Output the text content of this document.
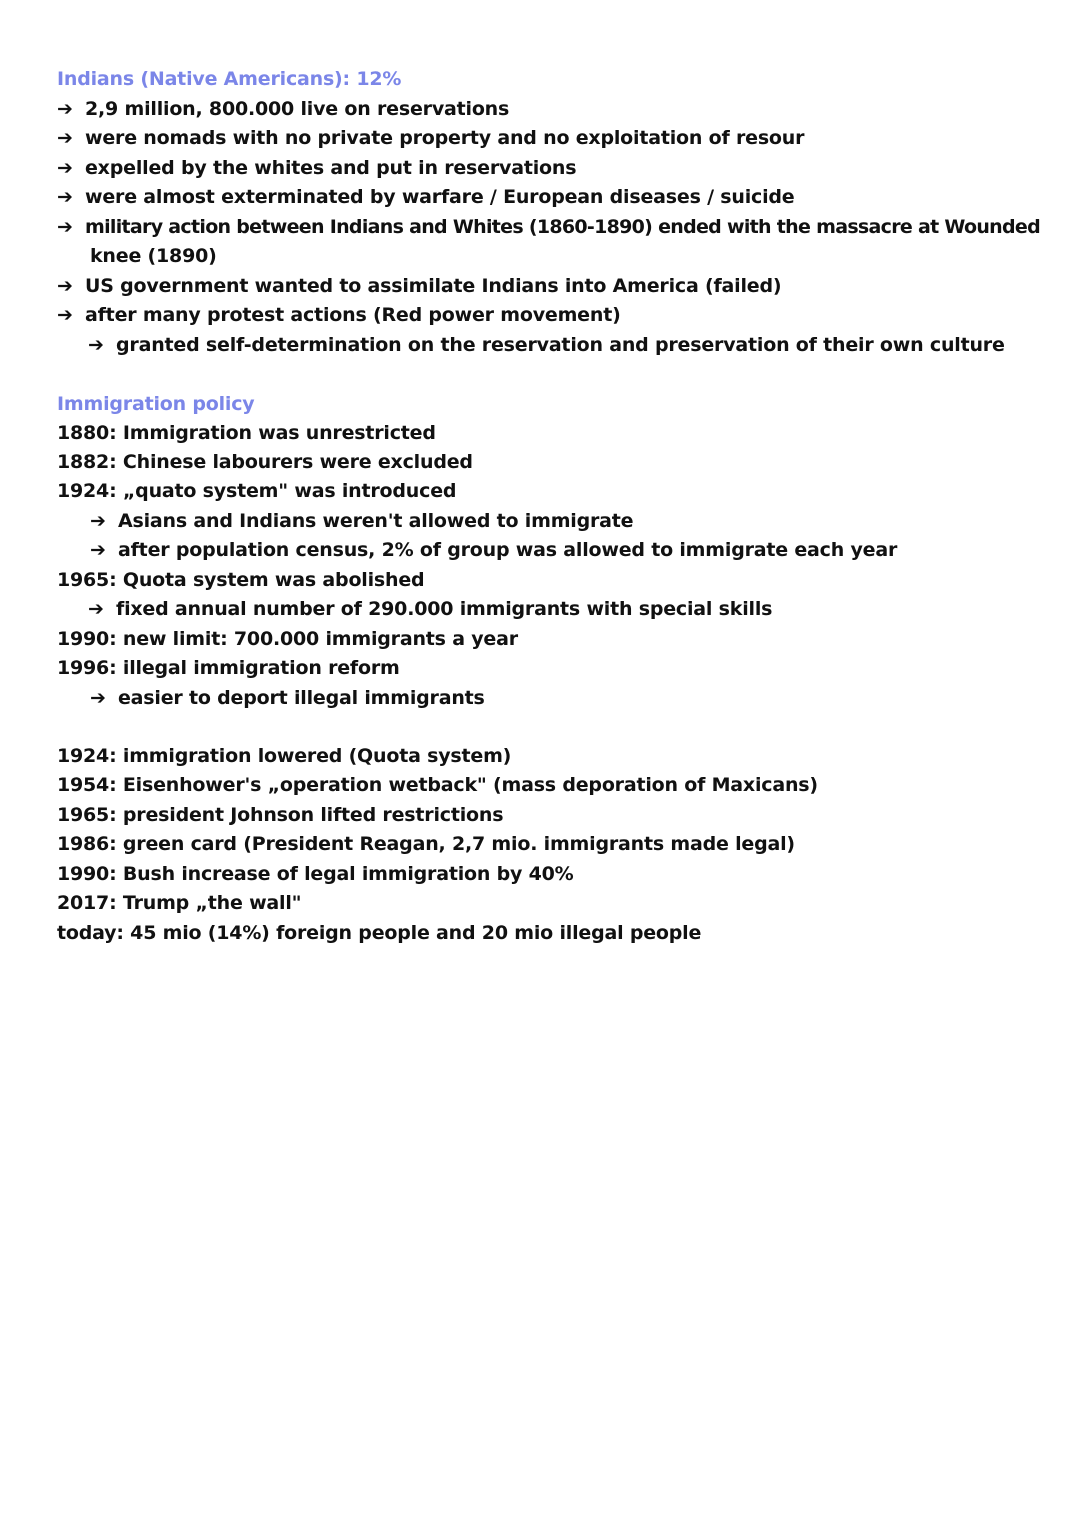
Indians (Native Americans): 12%
➔ 2,9 million, 800.000 live on reservations
➔ were nomads with no private property and no exploitation of resour
➔ expelled by the whites and put in reservations
➔ were almost exterminated by warfare / European diseases / suicide
➔ military action between Indians and Whites (1860-1890) ended with the massacre at Wounded
knee (1890)
➔ US government wanted to assimilate Indians into America (failed)
➔ after many protest actions (Red power movement)
➔ granted self-determination on the reservation and preservation of their own culture
Immigration policy
1880: Immigration was unrestricted
1882: Chinese labourers were excluded
1924: „quato system" was introduced
➔ Asians and Indians weren't allowed to immigrate
➔ after population census, 2% of group was allowed to immigrate each year
1965: Quota system was abolished
➔ fixed annual number of 290.000 immigrants with special skills
1990: new limit: 700.000 immigrants a year
1996: illegal immigration reform
➔ easier to deport illegal immigrants
1924: immigration lowered (Quota system)
1954: Eisenhower's „operation wetback" (mass deporation of Maxicans)
1965: president Johnson lifted restrictions
1986: green card (President Reagan, 2,7 mio. immigrants made legal)
1990: Bush increase of legal immigration by 40%
2017: Trump „the wall"
today: 45 mio (14%) foreign people and 20 mio illegal people
